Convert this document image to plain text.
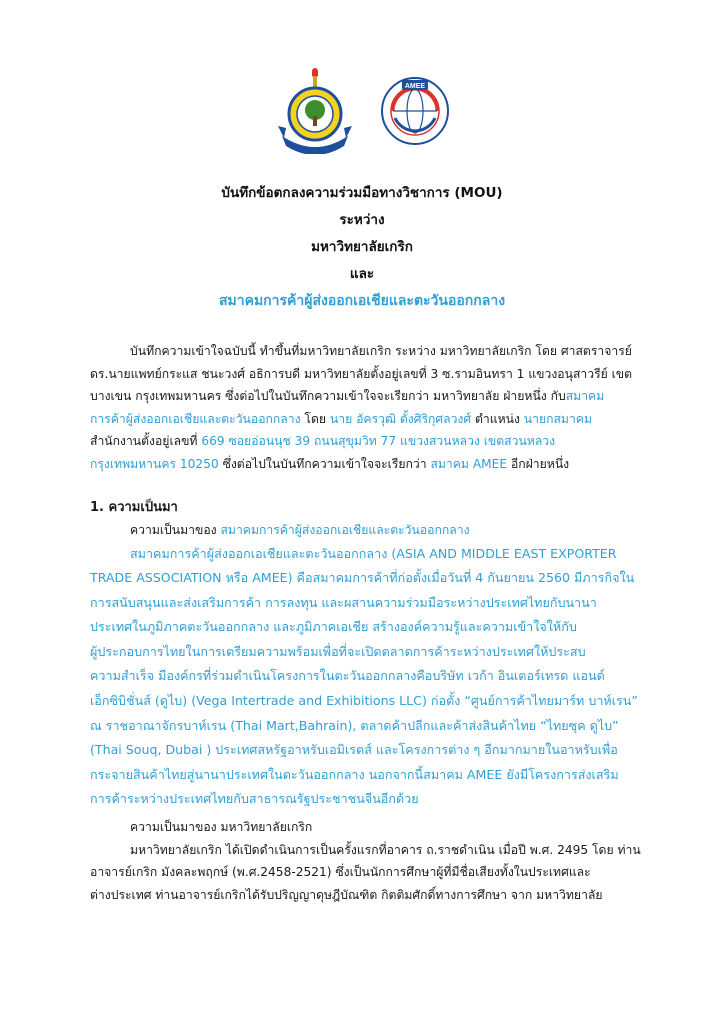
AMEE
บันทึกข้อตกลงความร่วมมือทางวิชาการ (MOU)
ระหว่าง
มหาวิทยาลัยเกริก
และ
สมาคมการค้าผู้ส่งออกเอเชียและตะวันออกกลาง
บันทึกความเข้าใจฉบับนี้ ทำขึ้นที่มหาวิทยาลัยเกริก ระหว่าง มหาวิทยาลัยเกริก โดย ศาสตราจารย์
ดร.นายแพทย์กระแส ชนะวงศ์ อธิการบดี มหาวิทยาลัยตั้งอยู่เลขที่ 3 ซ.รามอินทรา 1 แขวงอนุสาวรีย์ เขต
บางเขน กรุงเทพมหานคร ซึ่งต่อไปในบันทึกความเข้าใจจะเรียกว่า มหาวิทยาลัย ฝ่ายหนึ่ง กับสมาคม
การค้าผู้ส่งออกเอเชียและตะวันออกกลาง โดย นาย อัครวุฒิ ตั้งศิริกุศลวงศ์ ตำแหน่ง นายกสมาคม
สำนักงานตั้งอยู่เลขที่ 669 ซอยอ่อนนุช 39 ถนนสุขุมวิท 77 แขวงสวนหลวง เขตสวนหลวง
กรุงเทพมหานคร 10250 ซึ่งต่อไปในบันทึกความเข้าใจจะเรียกว่า สมาคม AMEE อีกฝ่ายหนึ่ง
1. ความเป็นมา
ความเป็นมาของ สมาคมการค้าผู้ส่งออกเอเชียและตะวันออกกลาง
สมาคมการค้าผู้ส่งออกเอเชียและตะวันออกกลาง (ASIA AND MIDDLE EAST EXPORTER
TRADE ASSOCIATION หรือ AMEE) คือสมาคมการค้าที่ก่อตั้งเมื่อวันที่ 4 กันยายน 2560 มีภารกิจใน
การสนับสนุนและส่งเสริมการค้า การลงทุน และผสานความร่วมมือระหว่างประเทศไทยกับนานา
ประเทศในภูมิภาคตะวันออกกลาง และภูมิภาคเอเชีย สร้างองค์ความรู้และความเข้าใจให้กับ
ผู้ประกอบการไทยในการเตรียมความพร้อมเพื่อที่จะเปิดตลาดการค้าระหว่างประเทศให้ประสบ
ความสำเร็จ มีองค์กรที่ร่วมดำเนินโครงการในตะวันออกกลางคือบริษัท เวก้า อินเตอร์เทรด แอนด์
เอ็กซิบิชั่นส์ (ดูไบ) (Vega Intertrade and Exhibitions LLC) ก่อตั้ง “ศูนย์การค้าไทยมาร์ท บาห์เรน”
ณ ราชอาณาจักรบาห์เรน (Thai Mart,Bahrain), ตลาดค้าปลีกและค้าส่งสินค้าไทย “ไทยซุค ดูไบ”
(Thai Souq, Dubai ) ประเทศสหรัฐอาหรับเอมิเรตส์ และโครงการต่าง ๆ อีกมากมายในอาหรับเพื่อ
กระจายสินค้าไทยสู่นานาประเทศในตะวันออกกลาง นอกจากนี้สมาคม AMEE ยังมีโครงการส่งเสริม
การค้าระหว่างประเทศไทยกับสาธารณรัฐประชาชนจีนอีกด้วย
ความเป็นมาของ มหาวิทยาลัยเกริก
มหาวิทยาลัยเกริก ได้เปิดดำเนินการเป็นครั้งแรกที่อาคาร ถ.ราชดำเนิน เมื่อปี พ.ศ. 2495 โดย ท่าน
อาจารย์เกริก มังคละพฤกษ์ (พ.ศ.2458-2521) ซึ่งเป็นนักการศึกษาผู้ที่มีชื่อเสียงทั้งในประเทศและ
ต่างประเทศ ท่านอาจารย์เกริกได้รับปริญญาดุษฎีบัณฑิต กิตติมศักดิ์ทางการศึกษา จาก มหาวิทยาลัย
